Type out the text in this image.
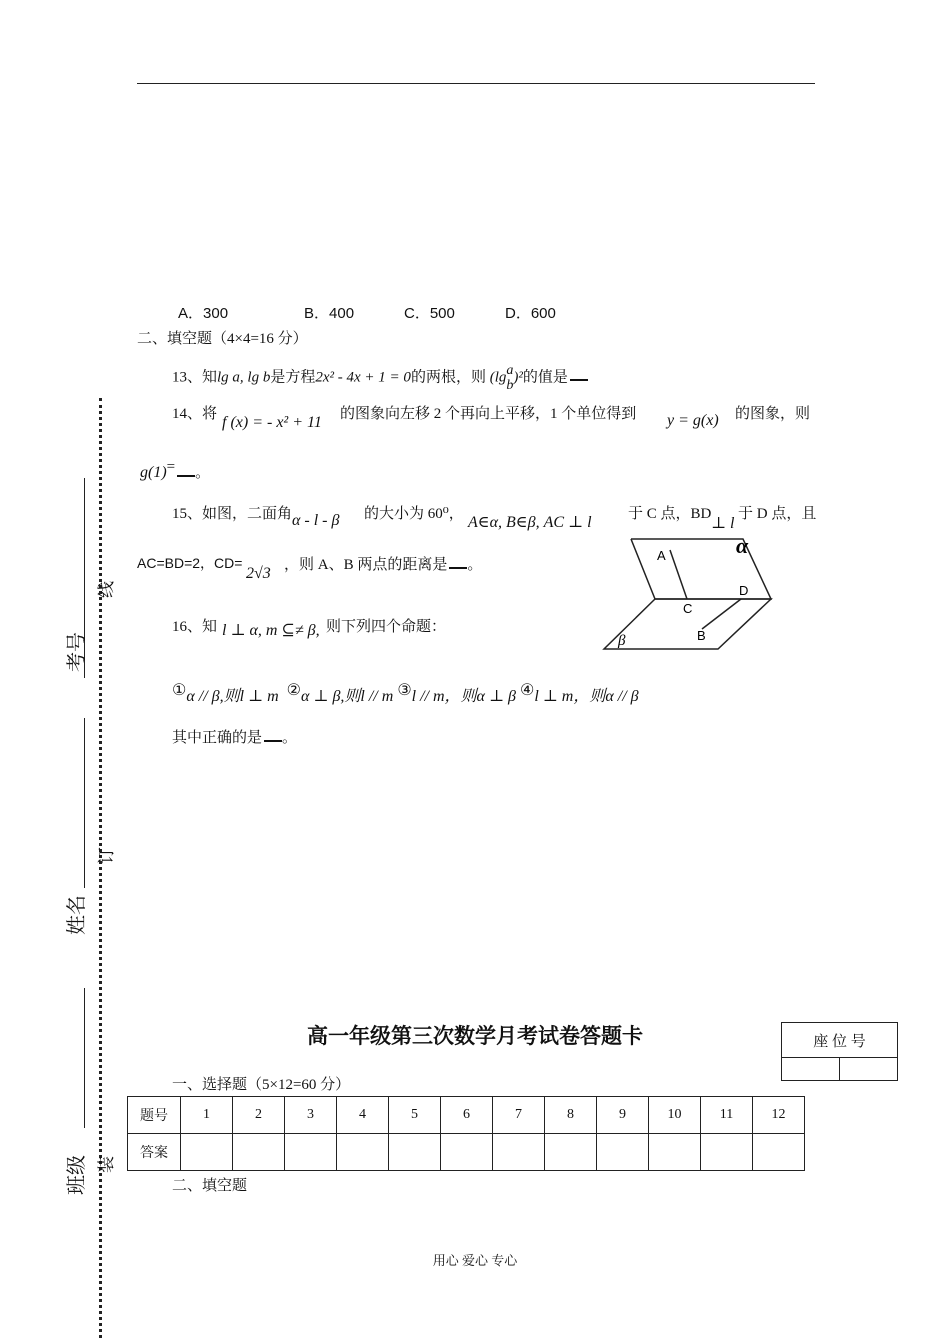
A．300	B．400	C．500	D．600
二、填空题（4×4=16 分）
13、知lg a, lg b是方程2x² - 4x + 1 = 0的两根，则 (lg a
b
)²的值是
14、将 f (x) = - x² + 11 的图象向左移 2 个再向上平移，1 个单位得到 y = g(x) 的图象，则
g(1)= 。
15、如图，二面角 α - l - β 的大小为 60⁰， A∈α, B∈β, AC ⊥ l 于 C 点，BD
⊥ l
于 D 点，且
AC=BD=2，CD=
2√3 ，则 A、B 两点的距离是 。
A
C
D
B
α
β
16、知 l ⊥ α, m ⊆≠ β, 则下列四个命题：
①α // β,则l ⊥ m ②α ⊥ β,则l // m ③l // m，则α ⊥ β ④l ⊥ m，则α // β
其中正确的是 。
考号
姓名
班级
线
订
装
高一年级第三次数学月考试卷答题卡	座 位 号

一、选择题（5×12=60 分）
题号	1	2	3	4	5	6	7	8	9	10	11	12
答案												
二、填空题
用心 爱心 专心
